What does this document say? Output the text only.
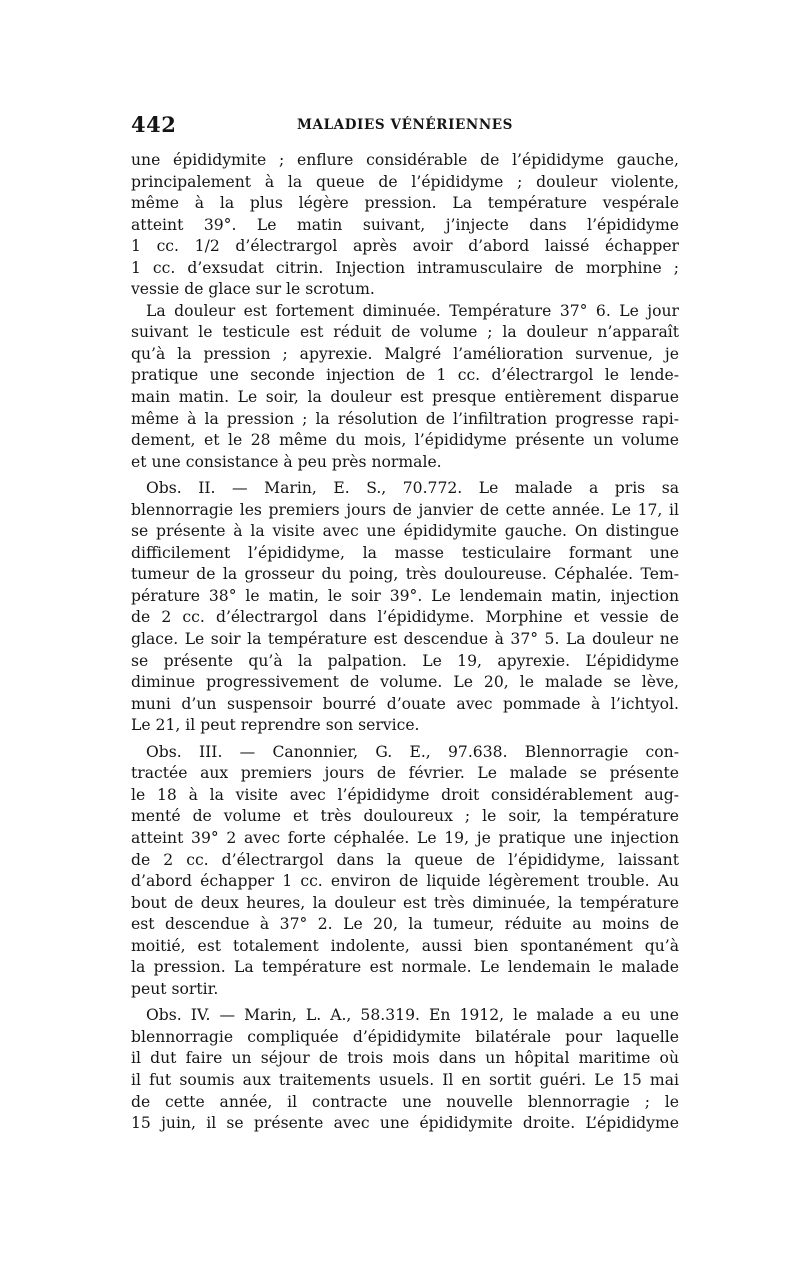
442	MALADIES VÉNÉRIENNES
une épididymite ; enflure considérable de l’épididyme gauche,
principalement à la queue de l’épididyme ; douleur violente,
même à la plus légère pression. La température vespérale
atteint 39°. Le matin suivant, j’injecte dans l’épididyme
1 cc. 1/2 d’électrargol après avoir d’abord laissé échapper
1 cc. d’exsudat citrin. Injection intramusculaire de morphine ;
vessie de glace sur le scrotum.
La douleur est fortement diminuée. Température 37° 6. Le jour
suivant le testicule est réduit de volume ; la douleur n’apparaît
qu’à la pression ; apyrexie. Malgré l’amélioration survenue, je
pratique une seconde injection de 1 cc. d’électrargol le lende-
main matin. Le soir, la douleur est presque entièrement disparue
même à la pression ; la résolution de l’infiltration progresse rapi-
dement, et le 28 même du mois, l’épididyme présente un volume
et une consistance à peu près normale.
Obs. II. — Marin, E. S., 70.772. Le malade a pris sa
blennorragie les premiers jours de janvier de cette année. Le 17, il
se présente à la visite avec une épididymite gauche. On distingue
difficilement l’épididyme, la masse testiculaire formant une
tumeur de la grosseur du poing, très douloureuse. Céphalée. Tem-
pérature 38° le matin, le soir 39°. Le lendemain matin, injection
de 2 cc. d’électrargol dans l’épididyme. Morphine et vessie de
glace. Le soir la température est descendue à 37° 5. La douleur ne
se présente qu’à la palpation. Le 19, apyrexie. L’épididyme
diminue progressivement de volume. Le 20, le malade se lève,
muni d’un suspensoir bourré d’ouate avec pommade à l’ichtyol.
Le 21, il peut reprendre son service.
Obs. III. — Canonnier, G. E., 97.638. Blennorragie con-
tractée aux premiers jours de février. Le malade se présente
le 18 à la visite avec l’épididyme droit considérablement aug-
menté de volume et très douloureux ; le soir, la température
atteint 39° 2 avec forte céphalée. Le 19, je pratique une injection
de 2 cc. d’électrargol dans la queue de l’épididyme, laissant
d’abord échapper 1 cc. environ de liquide légèrement trouble. Au
bout de deux heures, la douleur est très diminuée, la température
est descendue à 37° 2. Le 20, la tumeur, réduite au moins de
moitié, est totalement indolente, aussi bien spontanément qu’à
la pression. La température est normale. Le lendemain le malade
peut sortir.
Obs. IV. — Marin, L. A., 58.319. En 1912, le malade a eu une
blennorragie compliquée d’épididymite bilatérale pour laquelle
il dut faire un séjour de trois mois dans un hôpital maritime où
il fut soumis aux traitements usuels. Il en sortit guéri. Le 15 mai
de cette année, il contracte une nouvelle blennorragie ; le
15 juin, il se présente avec une épididymite droite. L’épididyme
